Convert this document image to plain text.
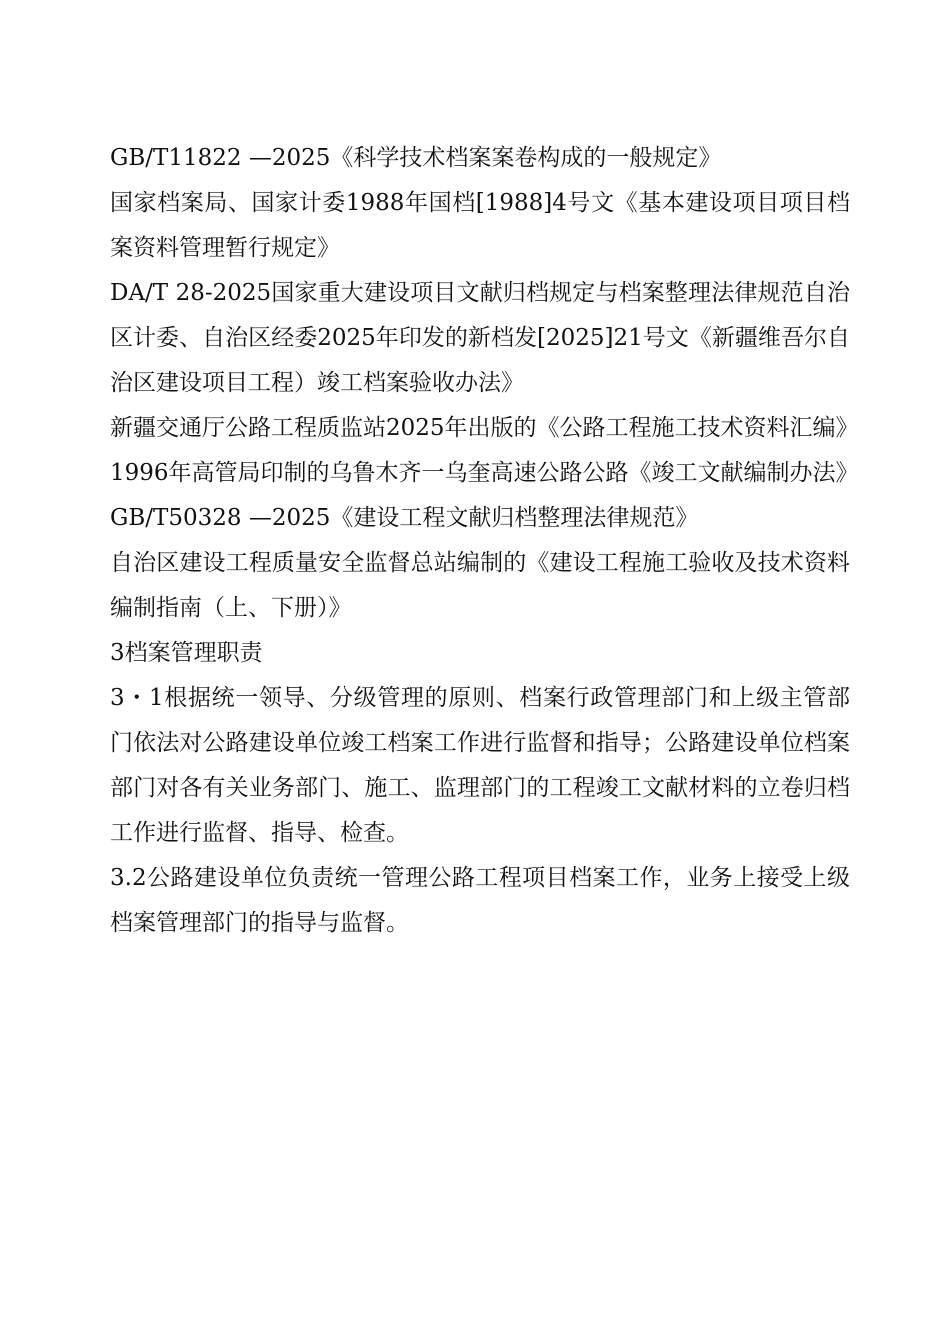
GB/T11822 —2025《科学技术档案案卷构成的一般规定》

国家档案局、国家计委1988年国档[1988]4号文《基本建设项目项目档案资料管理暂行规定》

DA/T 28-2025国家重大建设项目文献归档规定与档案整理法律规范自治区计委、自治区经委2025年印发的新档发[2025]21号文《新疆维吾尔自治区建设项目工程）竣工档案验收办法》

新疆交通厅公路工程质监站2025年出版的《公路工程施工技术资料汇编》

1996年高管局印制的乌鲁木齐一乌奎高速公路公路《竣工文献编制办法》

GB/T50328 —2025《建设工程文献归档整理法律规范》

自治区建设工程质量安全监督总站编制的《建设工程施工验收及技术资料编制指南（上、下册）》

3档案管理职责

3・1根据统一领导、分级管理的原则、档案行政管理部门和上级主管部门依法对公路建设单位竣工档案工作进行监督和指导；公路建设单位档案部门对各有关业务部门、施工、监理部门的工程竣工文献材料的立卷归档工作进行监督、指导、检查。

3.2公路建设单位负责统一管理公路工程项目档案工作，业务上接受上级档案管理部门的指导与监督。
